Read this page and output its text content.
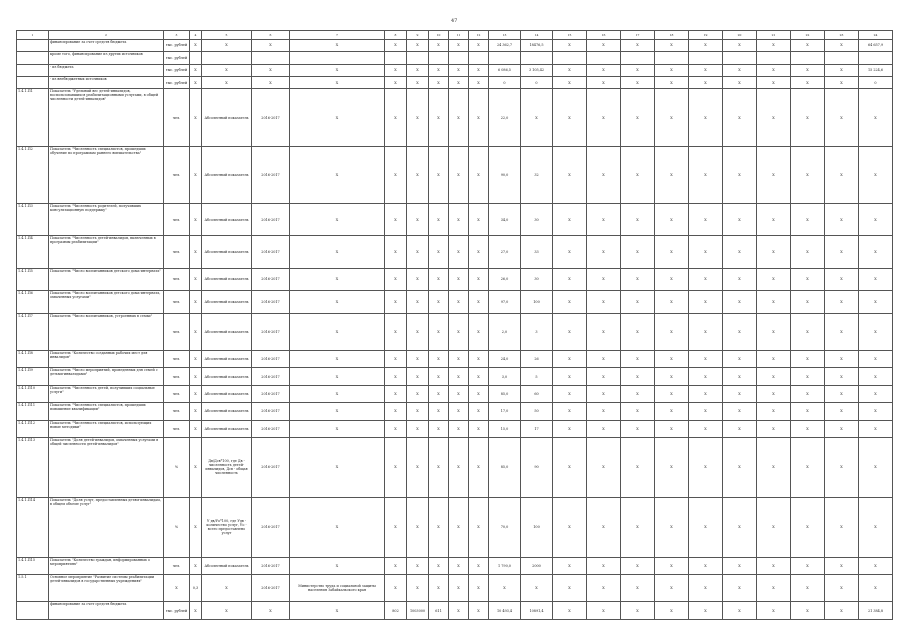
47
1	2	3	4	5	6	7	8	9	10	11	12	13	14	15	16	17	18	19	20	21	22	23	24
	финансирование за счет средств бюджета	тыс. рублей	X	X	X	X	X	X	X	X	X	24 362,7	18476,5	X	X	X	X	X	X	X	X	X	64 657,9
	кроме того, финансирование из других источников	тыс. рублей																					
	- из бюджета	тыс. рублей	X	X	X	X	X	X	X	X	X	6 086,5	3 105,42	X	X	X	X	X	X	X	X	X	15 224,6
	- из внебюджетных источников	тыс. рублей	X	X	X	X	X	X	X	X	X	0	0	X	X	X	X	X	X	X	X	X	0
1.4.1.П1	Показатель "Удельный вес детей-инвалидов, воспользовавшихся реабилитационными услугами, в общей численности детей-инвалидов"	чел.	X	Абсолютный показатель	2016-2017	X	X	X	X	X	X	22,0	X	X	X	X	X	X	X	X	X	X	X
1.4.1.П2	Показатель "Численность специалистов, прошедших обучение по программам раннего вмешательства"	чел.	X	Абсолютный показатель	2016-2017	X	X	X	X	X	X	90,0	32	X	X	X	X	X	X	X	X	X	X
1.4.1.П3	Показатель "Численность родителей, получивших консультационную поддержку"	чел.	X	Абсолютный показатель	2016-2017	X	X	X	X	X	X	34,0	30	X	X	X	X	X	X	X	X	X	X
1.4.1.П4	Показатель "Численность детей-инвалидов, включенных в программы реабилитации"	чел.	X	Абсолютный показатель	2016-2017	X	X	X	X	X	X	27,0	33	X	X	X	X	X	X	X	X	X	X
1.4.1.П5	Показатель "Число воспитанников детского дома-интерната"	чел.	X	Абсолютный показатель	2016-2017	X	X	X	X	X	X	26,0	30	X	X	X	X	X	X	X	X	X	X
1.4.1.П6	Показатель "Число воспитанников детского дома-интерната, охваченных услугами"	чел.	X	Абсолютный показатель	2016-2017	X	X	X	X	X	X	97,0	100	X	X	X	X	X	X	X	X	X	X
1.4.1.П7	Показатель "Число воспитанников, устроенных в семьи"	чел.	X	Абсолютный показатель	2016-2017	X	X	X	X	X	X	2,0	3	X	X	X	X	X	X	X	X	X	X
1.4.1.П8	Показатель "Количество созданных рабочих мест для инвалидов"	чел.	X	Абсолютный показатель	2016-2017	X	X	X	X	X	X	24,0	26	X	X	X	X	X	X	X	X	X	X
1.4.1.П9	Показатель "Число мероприятий, проведенных для семей с детьми-инвалидами"	чел.	X	Абсолютный показатель	2016-2017	X	X	X	X	X	X	3,0	5	X	X	X	X	X	X	X	X	X	X
1.4.1.П10	Показатель "Численность детей, получивших социальные услуги"	чел.	X	Абсолютный показатель	2016-2017	X	X	X	X	X	X	85,0	60	X	X	X	X	X	X	X	X	X	X
1.4.1.П11	Показатель "Численность специалистов, прошедших повышение квалификации"	чел.	X	Абсолютный показатель	2016-2017	X	X	X	X	X	X	17,0	50	X	X	X	X	X	X	X	X	X	X
1.4.1.П12	Показатель "Численность специалистов, использующих новые методики"	чел.	X	Абсолютный показатель	2016-2017	X	X	X	X	X	X	15,0	17	X	X	X	X	X	X	X	X	X	X
1.4.1.П13	Показатель "Доля детей-инвалидов, охваченных услугами в общей численности детей-инвалидов"	%	X	Дв/Дсв*100, где Дв - численность детей-инвалидов, Дсв - общая численность	2016-2017	X	X	X	X	X	X	85,0	90	X	X	X	X	X	X	X	X	X	X
1.4.1.П14	Показатель "Доля услуг, предоставленных детям-инвалидам, в общем объеме услуг"	%	X	У дв/Уо*100, где Удв - количество услуг, Уо - всего предоставлено услуг	2016-2017	X	X	X	X	X	X	70,0	100	X	X	X	X	X	X	X	X	X	X
1.4.1.П15	Показатель "Количество граждан, информированных о мероприятиях"	чел.	X	Абсолютный показатель	2016-2017	X	X	X	X	X	X	1 790,0	2000	X	X	X	X	X	X	X	X	X	X
1.5.1	Основное мероприятие "Развитие системы реабилитации детей-инвалидов в государственных учреждениях"	X	0,3	X	2016-2017	Министерство труда и социальной защиты населения Забайкальского края	X	X	X	X	X	X	X	X	X	X	X	X	X	X	X	X	X
	финансирование за счет средств бюджета	тыс. рублей	X	X	X	X	802	1003000	611	X	X	10 493,4	10891,4	X	X	X	X	X	X	X	X	X	21 384,8
